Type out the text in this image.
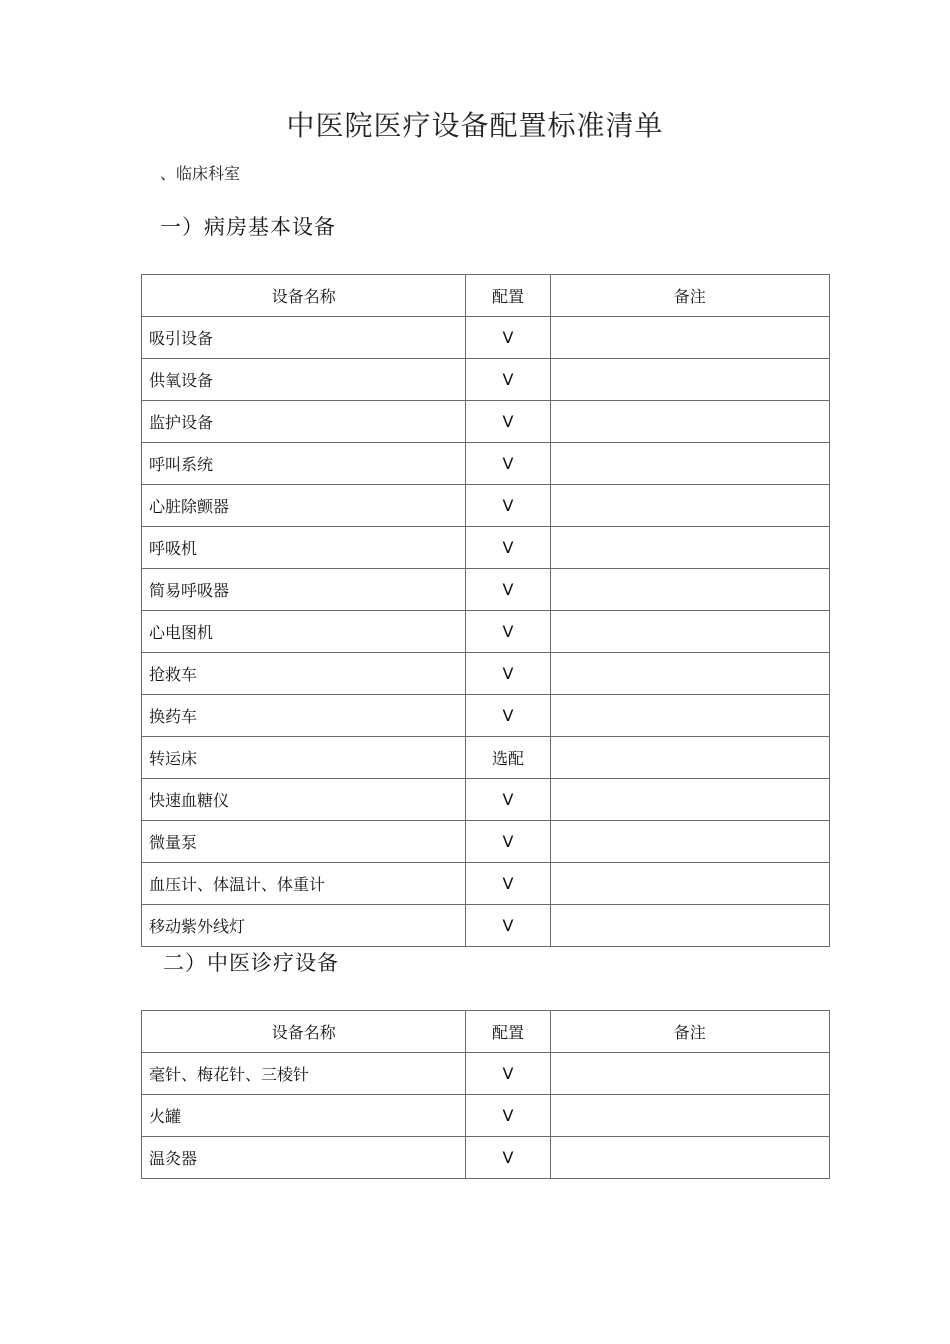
中医院医疗设备配置标准清单
、临床科室
一）病房基本设备
设备名称	配置	备注
吸引设备	V	
供氧设备	V	
监护设备	V	
呼叫系统	V	
心脏除颤器	V	
呼吸机	V	
简易呼吸器	V	
心电图机	V	
抢救车	V	
换药车	V	
转运床	选配	
快速血糖仪	V	
微量泵	V	
血压计、体温计、体重计	V	
移动紫外线灯	V	
二）中医诊疗设备
设备名称	配置	备注
毫针、梅花针、三棱针	V	
火罐	V	
温灸器	V	
